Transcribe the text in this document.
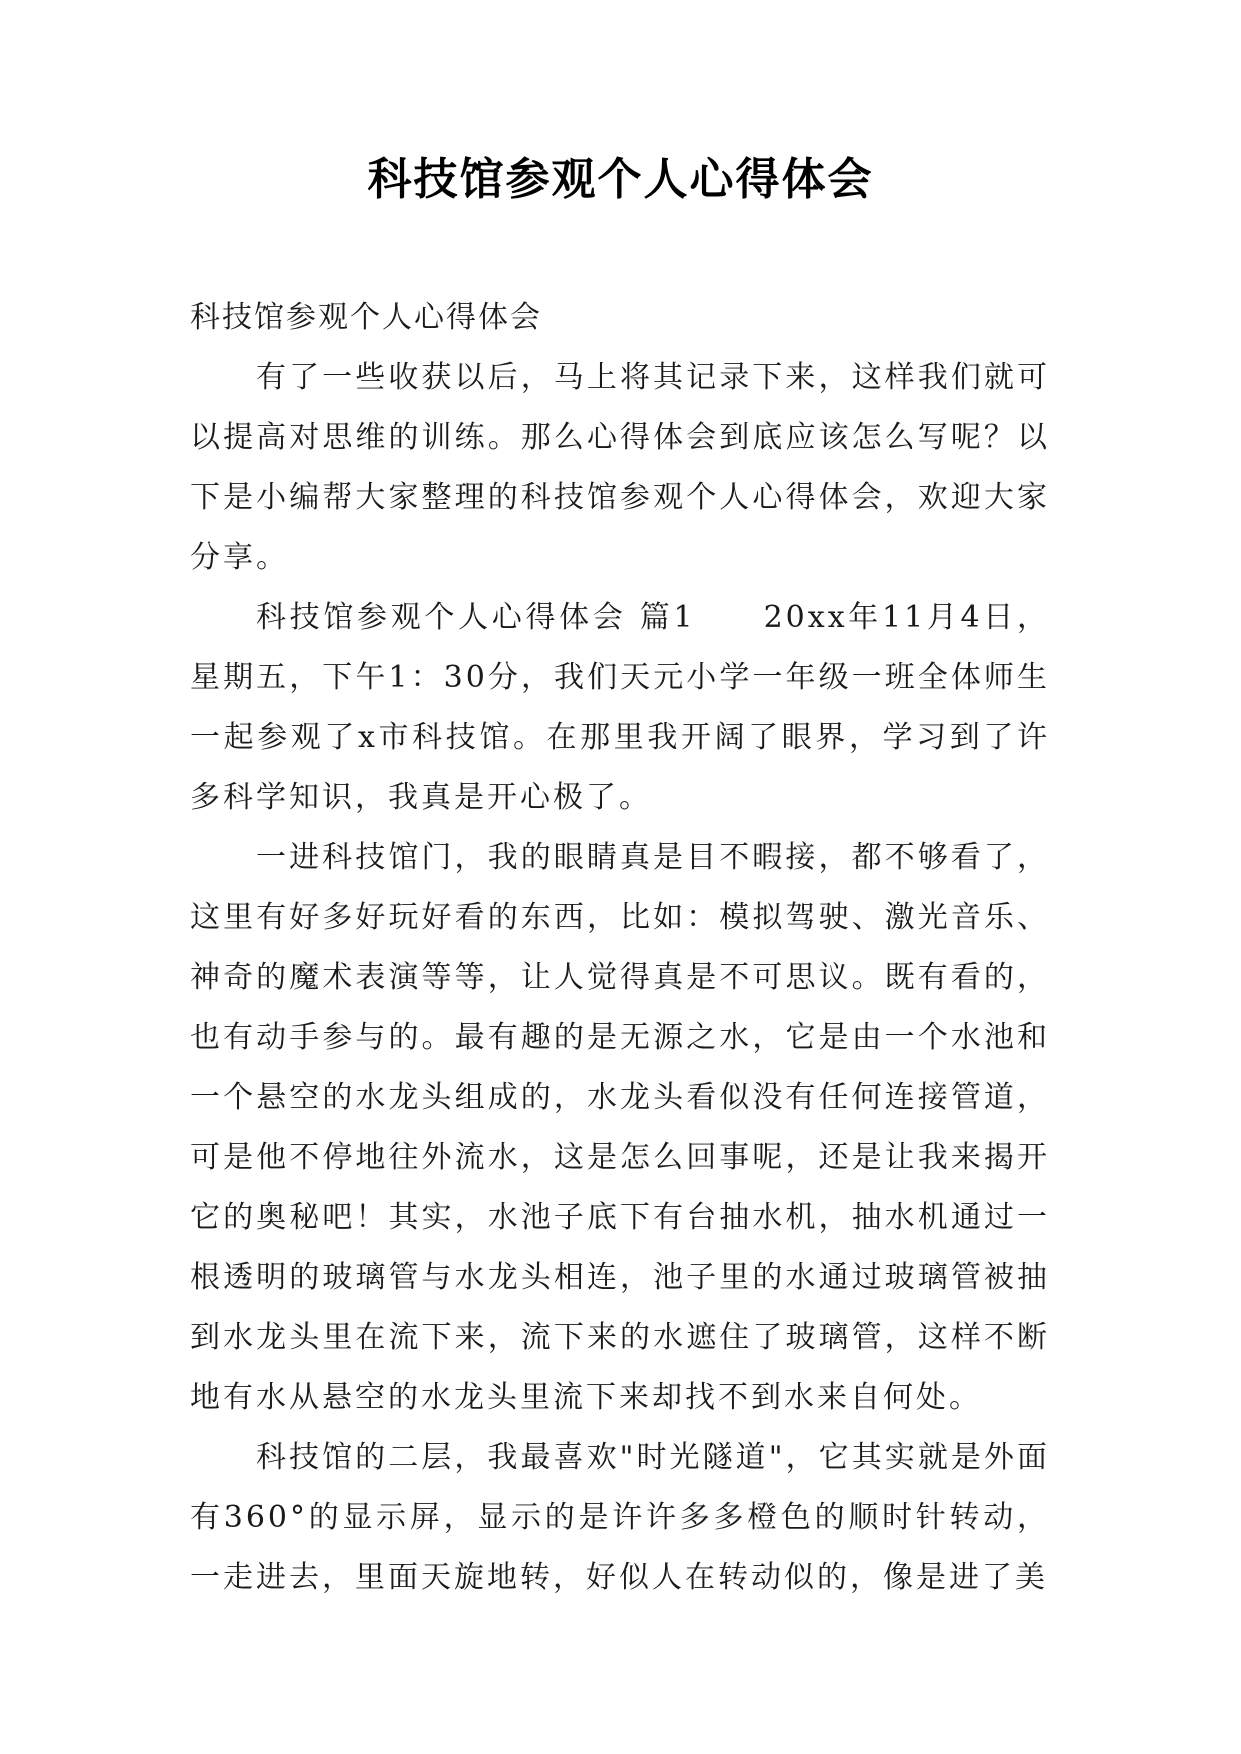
科技馆参观个人心得体会

科技馆参观个人心得体会

有了一些收获以后，马上将其记录下来，这样我们就可以提高对思维的训练。那么心得体会到底应该怎么写呢？以下是小编帮大家整理的科技馆参观个人心得体会，欢迎大家分享。

科技馆参观个人心得体会 篇1　　20xx年11月4日，星期五，下午1：30分，我们天元小学一年级一班全体师生一起参观了x市科技馆。在那里我开阔了眼界，学习到了许多科学知识，我真是开心极了。

一进科技馆门，我的眼睛真是目不暇接，都不够看了，这里有好多好玩好看的东西，比如：模拟驾驶、激光音乐、神奇的魔术表演等等，让人觉得真是不可思议。既有看的，也有动手参与的。最有趣的是无源之水，它是由一个水池和一个悬空的水龙头组成的，水龙头看似没有任何连接管道，可是他不停地往外流水，这是怎么回事呢，还是让我来揭开它的奥秘吧！其实，水池子底下有台抽水机，抽水机通过一根透明的玻璃管与水龙头相连，池子里的水通过玻璃管被抽到水龙头里在流下来，流下来的水遮住了玻璃管，这样不断地有水从悬空的水龙头里流下来却找不到水来自何处。

科技馆的二层，我最喜欢"时光隧道"，它其实就是外面有360°的显示屏，显示的是许许多多橙色的顺时针转动，一走进去，里面天旋地转，好似人在转动似的，像是进了美
